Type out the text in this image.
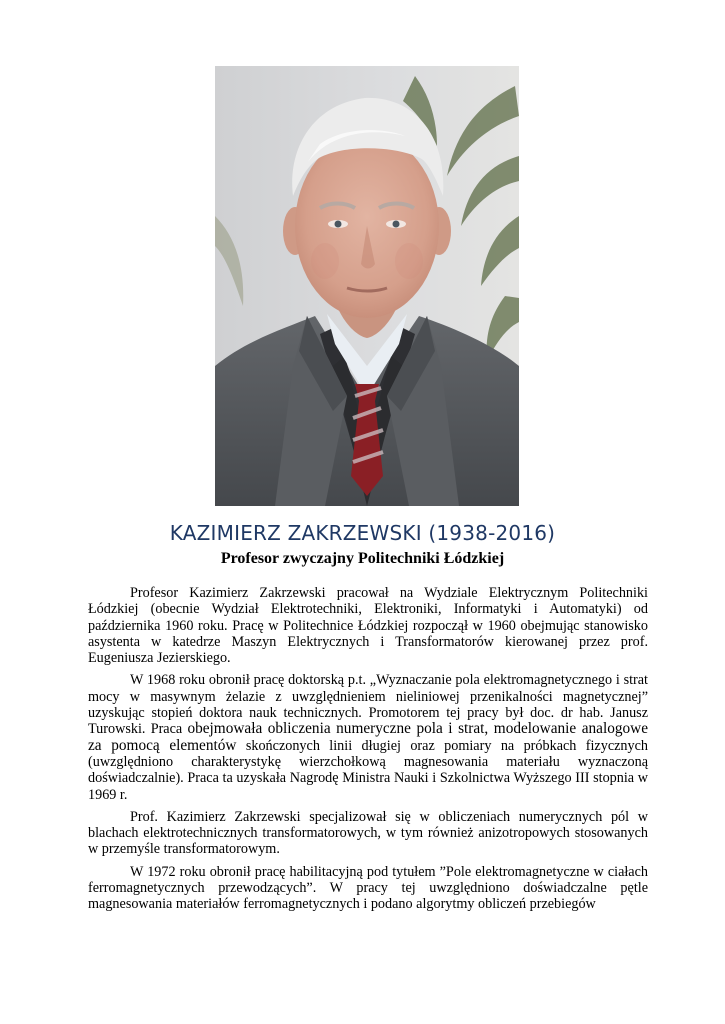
KAZIMIERZ ZAKRZEWSKI (1938-2016)
Profesor zwyczajny Politechniki Łódzkiej

Profesor Kazimierz Zakrzewski pracował na Wydziale Elektrycznym Politechniki Łódzkiej (obecnie Wydział Elektrotechniki, Elektroniki, Informatyki i Automatyki) od października 1960 roku. Pracę w Politechnice Łódzkiej rozpoczął w 1960 obejmując stanowisko asystenta w katedrze Maszyn Elektrycznych i Transformatorów kierowanej przez prof. Eugeniusza Jezierskiego.

W 1968 roku obronił pracę doktorską p.t. „Wyznaczanie pola elektromagnetycznego i strat mocy w masywnym żelazie z uwzględnieniem nieliniowej przenikalności magnetycznej” uzyskując stopień doktora nauk technicznych. Promotorem tej pracy był doc. dr hab. Janusz Turowski. Praca obejmowała obliczenia numeryczne pola i strat, modelowanie analogowe za pomocą elementów skończonych linii długiej oraz pomiary na próbkach fizycznych (uwzględniono charakterystykę wierzchołkową magnesowania materiału wyznaczoną doświadczalnie). Praca ta uzyskała Nagrodę Ministra Nauki i Szkolnictwa Wyższego III stopnia w 1969 r.

Prof. Kazimierz Zakrzewski specjalizował się w obliczeniach numerycznych pól w blachach elektrotechnicznych transformatorowych, w tym również anizotropowych stosowanych w przemyśle transformatorowym.

W 1972 roku obronił pracę habilitacyjną pod tytułem ”Pole elektromagnetyczne w ciałach ferromagnetycznych przewodzących”. W pracy tej uwzględniono doświadczalne pętle magnesowania materiałów ferromagnetycznych i podano algorytmy obliczeń przebiegów
